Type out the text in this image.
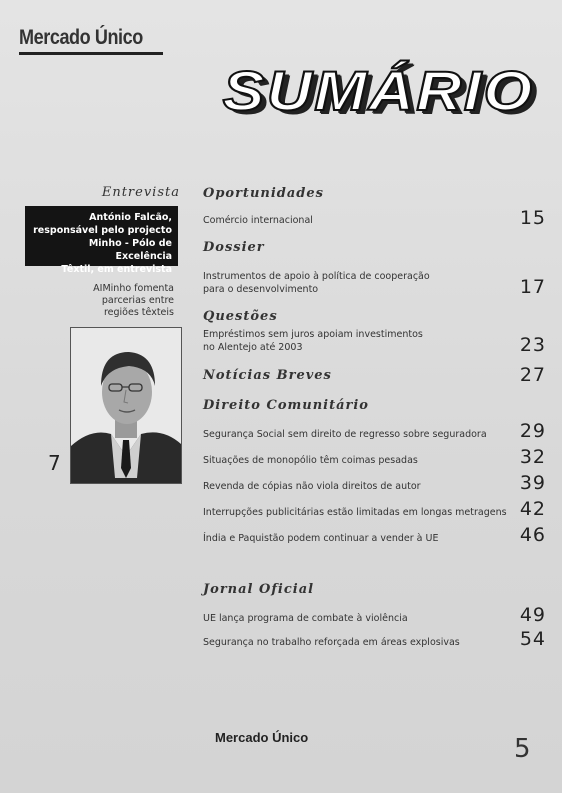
Mercado Único
SUMÁRIO
Entrevista
António Falcão,
responsável pelo projecto
Minho - Pólo de Excelência
Têxtil, em entrevista
AIMinho fomenta
parcerias entre
regiões têxteis
7
Oportunidades
Comércio internacional	15
Dossier
Instrumentos de apoio à política de cooperação
para o desenvolvimento	17
Questões
Empréstimos sem juros apoiam investimentos
no Alentejo até 2003	23
Notícias Breves	27
Direito Comunitário
Segurança Social sem direito de regresso sobre seguradora	29
Situações de monopólio têm coimas pesadas	32
Revenda de cópias não viola direitos de autor	39
Interrupções publicitárias estão limitadas em longas metragens 42
Índia e Paquistão podem continuar a vender à UE	46
Jornal Oficial
UE lança programa de combate à violência	49
Segurança no trabalho reforçada em áreas explosivas	54
Mercado Único	5
